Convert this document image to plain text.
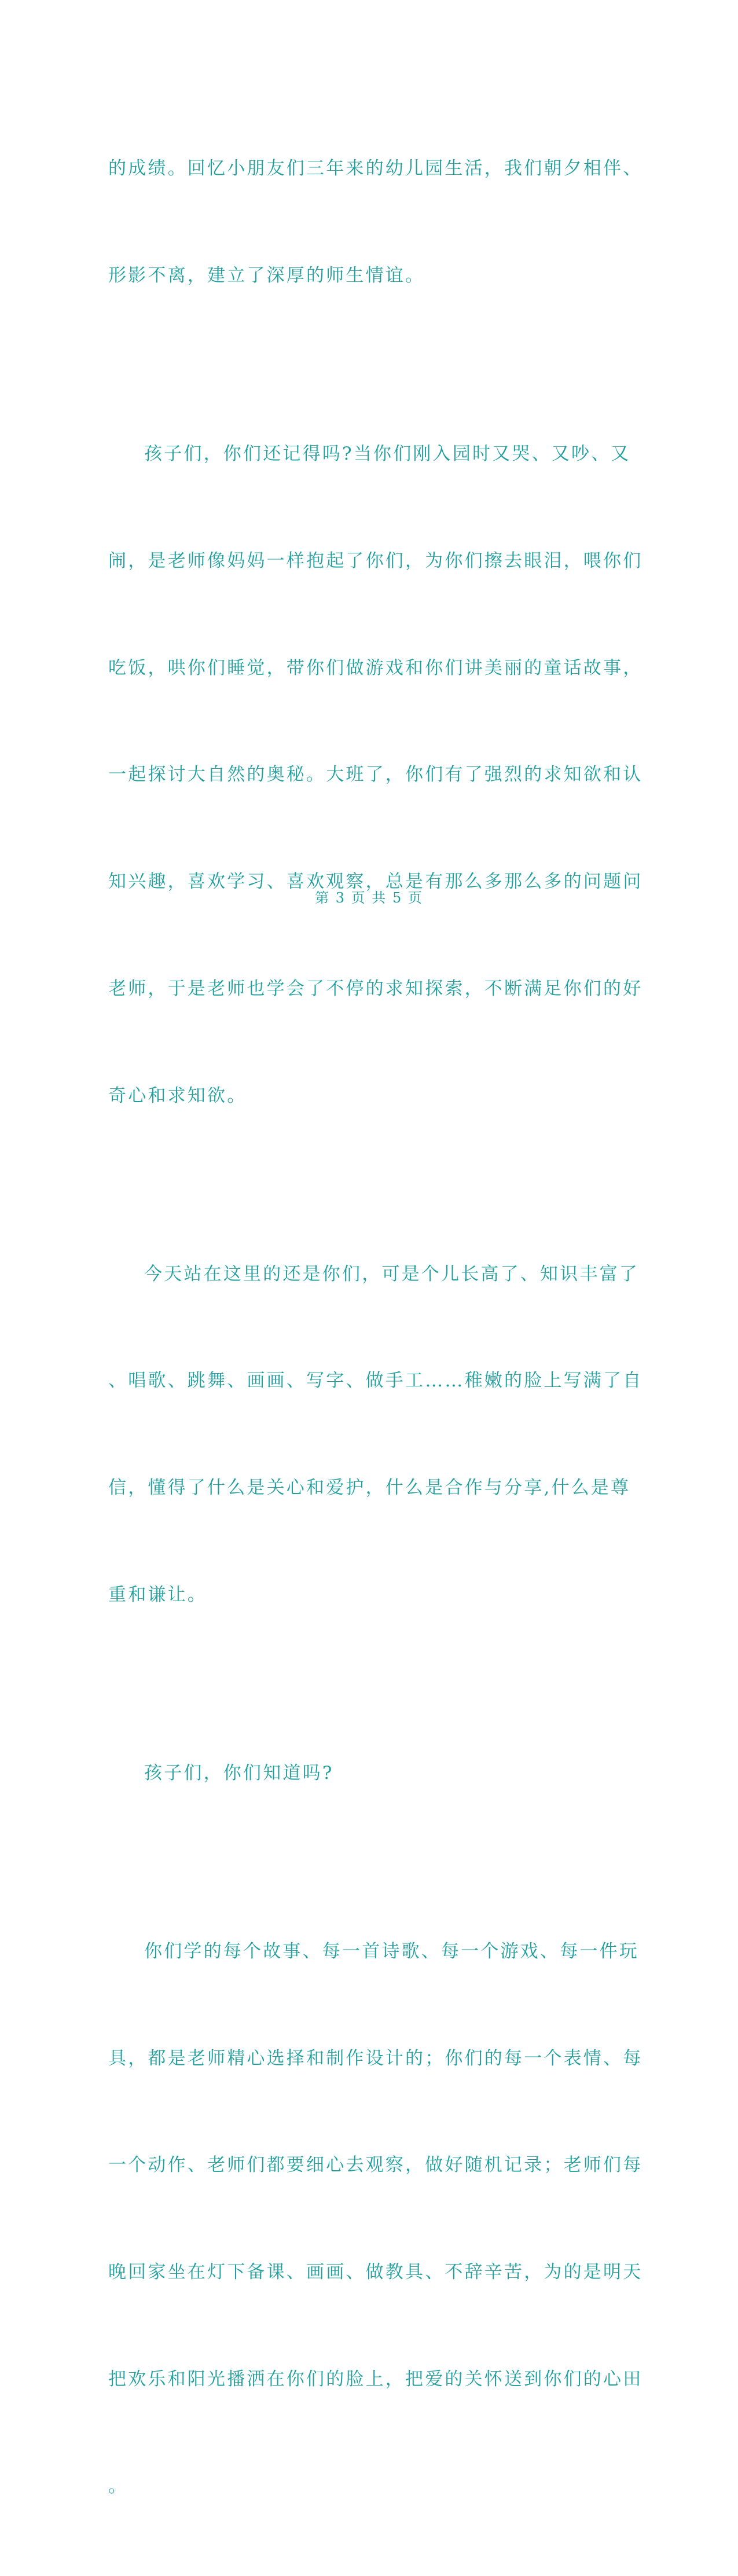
的成绩。回忆小朋友们三年来的幼儿园生活，我们朝夕相伴、

形影不离，建立了深厚的师生情谊。

孩子们，你们还记得吗?当你们刚入园时又哭、又吵、又

闹，是老师像妈妈一样抱起了你们，为你们擦去眼泪，喂你们

吃饭，哄你们睡觉，带你们做游戏和你们讲美丽的童话故事，

一起探讨大自然的奥秘。大班了，你们有了强烈的求知欲和认

知兴趣，喜欢学习、喜欢观察，总是有那么多那么多的问题问

老师，于是老师也学会了不停的求知探索，不断满足你们的好

奇心和求知欲。

今天站在这里的还是你们，可是个儿长高了、知识丰富了

、唱歌、跳舞、画画、写字、做手工……稚嫩的脸上写满了自

信，懂得了什么是关心和爱护，什么是合作与分享,什么是尊

重和谦让。

孩子们，你们知道吗?

你们学的每个故事、每一首诗歌、每一个游戏、每一件玩

具，都是老师精心选择和制作设计的；你们的每一个表情、每

一个动作、老师们都要细心去观察，做好随机记录；老师们每

晚回家坐在灯下备课、画画、做教具、不辞辛苦，为的是明天

把欢乐和阳光播洒在你们的脸上，把爱的关怀送到你们的心田

。

第 3 页 共 5 页
